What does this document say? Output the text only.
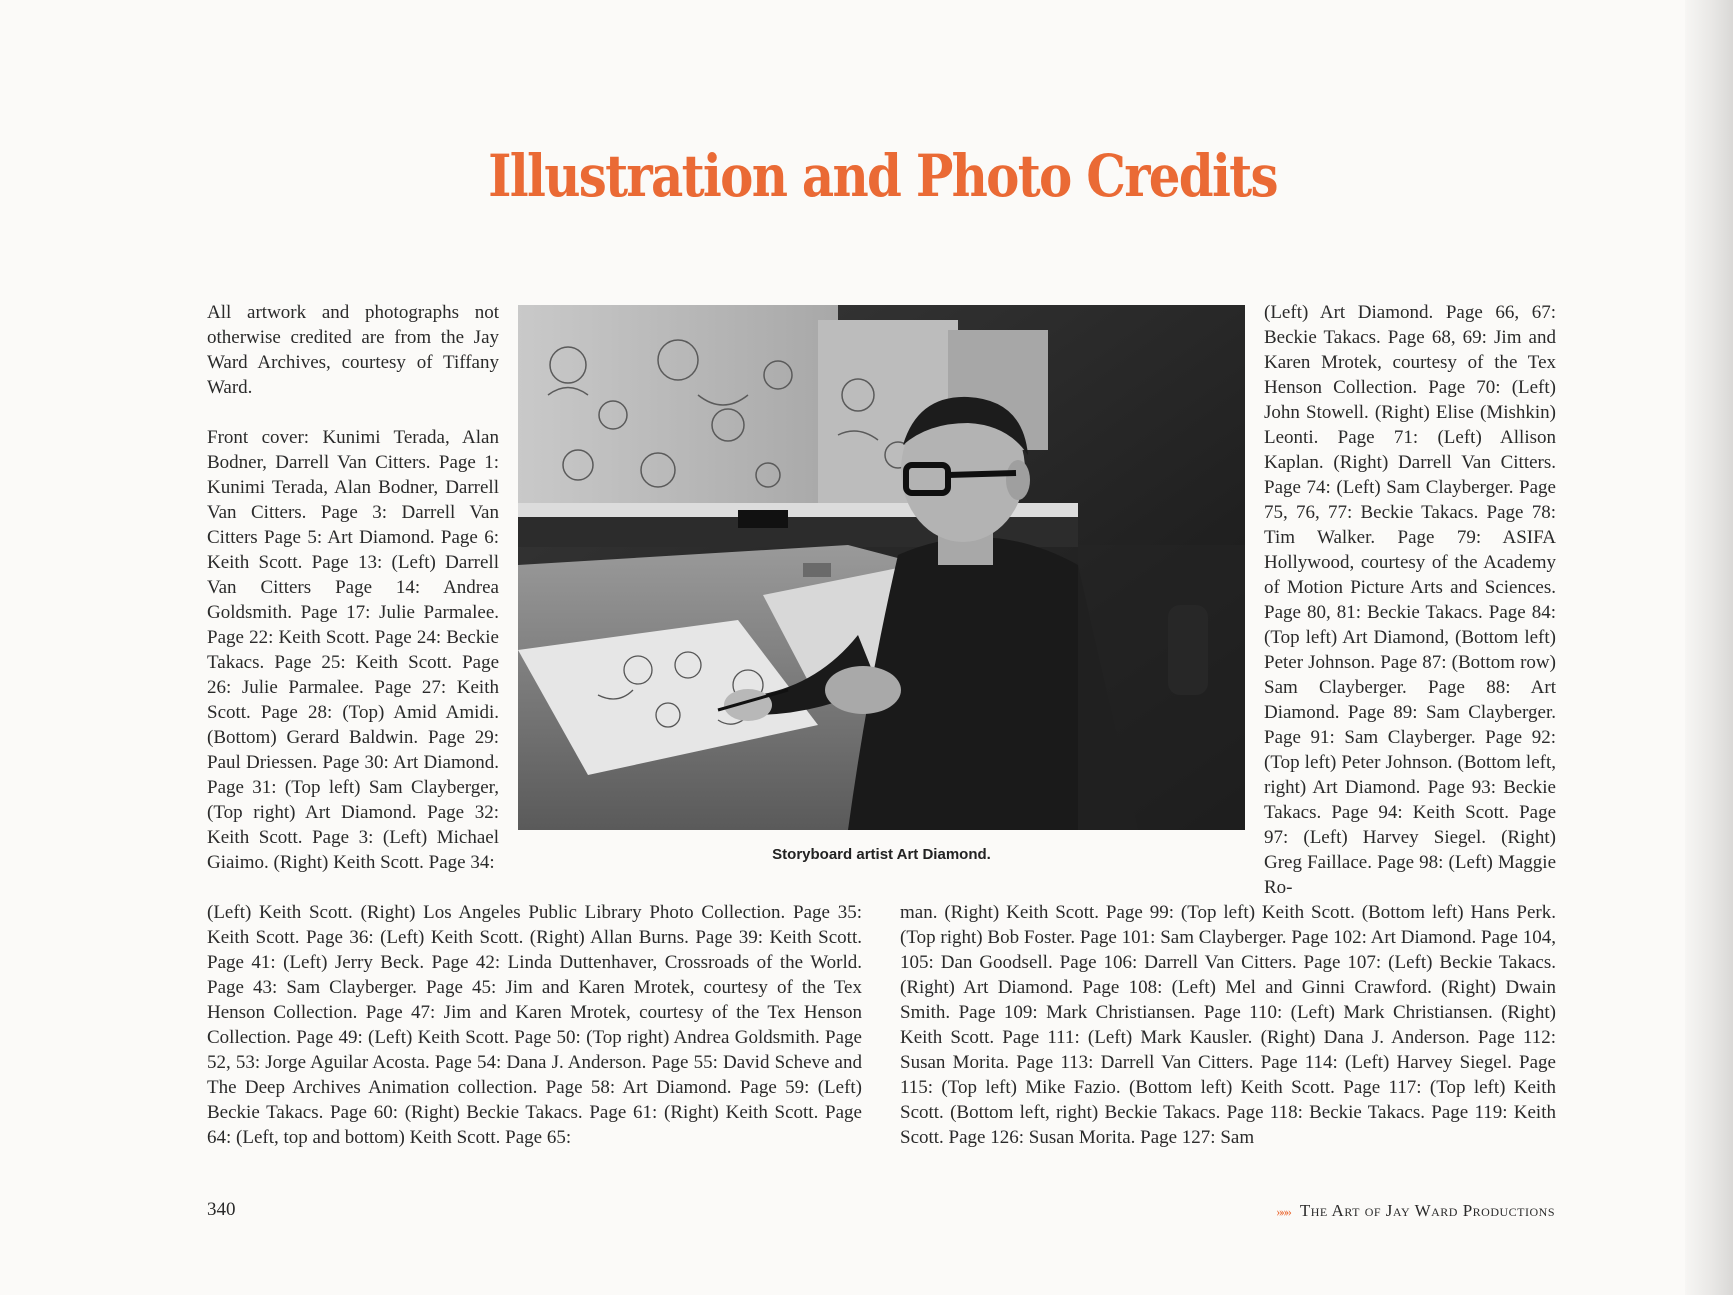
Illustration and Photo Credits

All artwork and photographs not otherwise credited are from the Jay Ward Archives, courtesy of Tiffany Ward.

Front cover: Kunimi Terada, Alan Bodner, Darrell Van Citters. Page 1: Kunimi Terada, Alan Bodner, Darrell Van Citters. Page 3: Darrell Van Citters Page 5: Art Diamond. Page 6: Keith Scott. Page 13: (Left) Darrell Van Citters Page 14: Andrea Goldsmith. Page 17: Julie Parmalee. Page 22: Keith Scott. Page 24: Beckie Takacs. Page 25: Keith Scott. Page 26: Julie Parmalee. Page 27: Keith Scott. Page 28: (Top) Amid Amidi. (Bottom) Gerard Baldwin. Page 29: Paul Driessen. Page 30: Art Diamond. Page 31: (Top left) Sam Clayberger, (Top right) Art Diamond. Page 32: Keith Scott. Page 3: (Left) Michael Giaimo. (Right) Keith Scott. Page 34:	Storyboard artist Art Diamond.

(Left) Art Diamond. Page 66, 67: Beckie Takacs. Page 68, 69: Jim and Karen Mrotek, courtesy of the Tex Henson Collection. Page 70: (Left) John Stowell. (Right) Elise (Mishkin) Leonti. Page 71: (Left) Allison Kaplan. (Right) Darrell Van Citters. Page 74: (Left) Sam Clayberger. Page 75, 76, 77: Beckie Takacs. Page 78: Tim Walker. Page 79: ASIFA Hollywood, courtesy of the Academy of Motion Picture Arts and Sciences. Page 80, 81: Beckie Takacs. Page 84: (Top left) Art Diamond, (Bottom left) Peter Johnson. Page 87: (Bottom row) Sam Clayberger. Page 88: Art Diamond. Page 89: Sam Clayberger. Page 91: Sam Clayberger. Page 92: (Top left) Peter Johnson. (Bottom left, right) Art Diamond. Page 93: Beckie Takacs. Page 94: Keith Scott. Page 97: (Left) Harvey Siegel. (Right) Greg Faillace. Page 98: (Left) Maggie Ro-

(Left) Keith Scott. (Right) Los Angeles Public Library Photo Collection. Page 35: Keith Scott. Page 36: (Left) Keith Scott. (Right) Allan Burns. Page 39: Keith Scott. Page 41: (Left) Jerry Beck. Page 42: Linda Duttenhaver, Crossroads of the World. Page 43: Sam Clayberger. Page 45: Jim and Karen Mrotek, courtesy of the Tex Henson Collection. Page 47: Jim and Karen Mrotek, courtesy of the Tex Henson Collection. Page 49: (Left) Keith Scott. Page 50: (Top right) Andrea Goldsmith. Page 52, 53: Jorge Aguilar Acosta. Page 54: Dana J. Anderson. Page 55: David Scheve and The Deep Archives Animation collection. Page 58: Art Diamond. Page 59: (Left) Beckie Takacs. Page 60: (Right) Beckie Takacs. Page 61: (Right) Keith Scott. Page 64: (Left, top and bottom) Keith Scott. Page 65:

man. (Right) Keith Scott. Page 99: (Top left) Keith Scott. (Bottom left) Hans Perk. (Top right) Bob Foster. Page 101: Sam Clayberger. Page 102: Art Diamond. Page 104, 105: Dan Goodsell. Page 106: Darrell Van Citters. Page 107: (Left) Beckie Takacs. (Right) Art Diamond. Page 108: (Left) Mel and Ginni Crawford. (Right) Dwain Smith. Page 109: Mark Christiansen. Page 110: (Left) Mark Christiansen. (Right) Keith Scott. Page 111: (Left) Mark Kausler. (Right) Dana J. Anderson. Page 112: Susan Morita. Page 113: Darrell Van Citters. Page 114: (Left) Harvey Siegel. Page 115: (Top left) Mike Fazio. (Bottom left) Keith Scott. Page 117: (Top left) Keith Scott. (Bottom left, right) Beckie Takacs. Page 118: Beckie Takacs. Page 119: Keith Scott. Page 126: Susan Morita. Page 127: Sam

340	»»» The Art of Jay Ward Productions
